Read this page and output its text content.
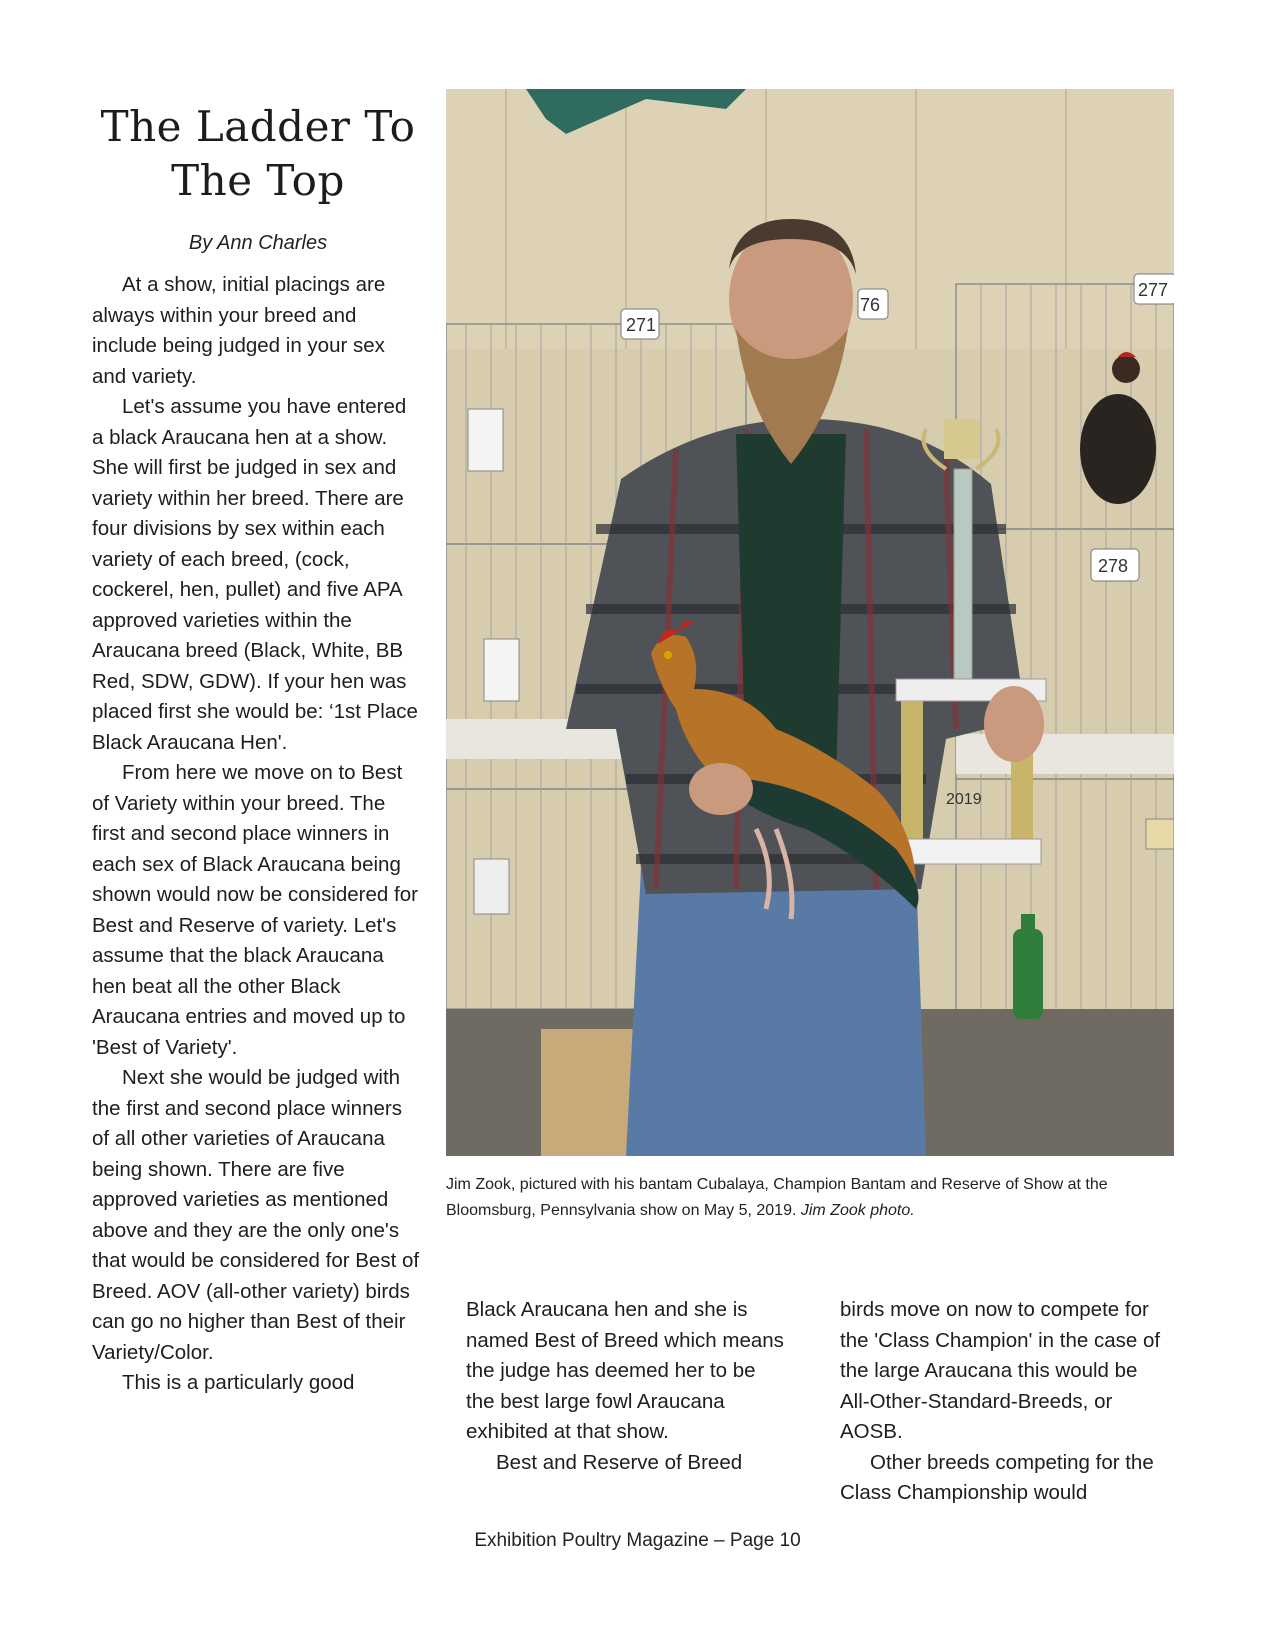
The Ladder To
The Top
By Ann Charles

At a show, initial placings are always within your breed and include being judged in your sex and variety.

Let's assume you have entered a black Araucana hen at a show. She will first be judged in sex and variety within her breed. There are four divisions by sex within each variety of each breed, (cock, cockerel, hen, pullet) and five APA approved varieties within the Araucana breed (Black, White, BB Red, SDW, GDW). If your hen was placed first she would be: ‘1st Place Black Araucana Hen'.

From here we move on to Best of Variety within your breed. The first and second place winners in each sex of Black Araucana being shown would now be considered for Best and Reserve of variety. Let's assume that the black Araucana hen beat all the other Black Araucana entries and moved up to 'Best of Variety'.

Next she would be judged with the first and second place winners of all other varieties of Araucana being shown. There are five approved varieties as mentioned above and they are the only one's that would be considered for Best of Breed. AOV (all-other variety) birds can go no higher than Best of their Variety/Color.

This is a particularly good

271
76
277
278
2019
Jim Zook, pictured with his bantam Cubalaya, Champion Bantam and Reserve of Show at the Bloomsburg, Pennsylvania show on May 5, 2019. Jim Zook photo.

Black Araucana hen and she is named Best of Breed which means the judge has deemed her to be the best large fowl Araucana exhibited at that show.

Best and Reserve of Breed

birds move on now to compete for the 'Class Champion' in the case of the large Araucana this would be All-Other-Standard-Breeds, or AOSB.

Other breeds competing for the Class Championship would

Exhibition Poultry Magazine – Page 10
